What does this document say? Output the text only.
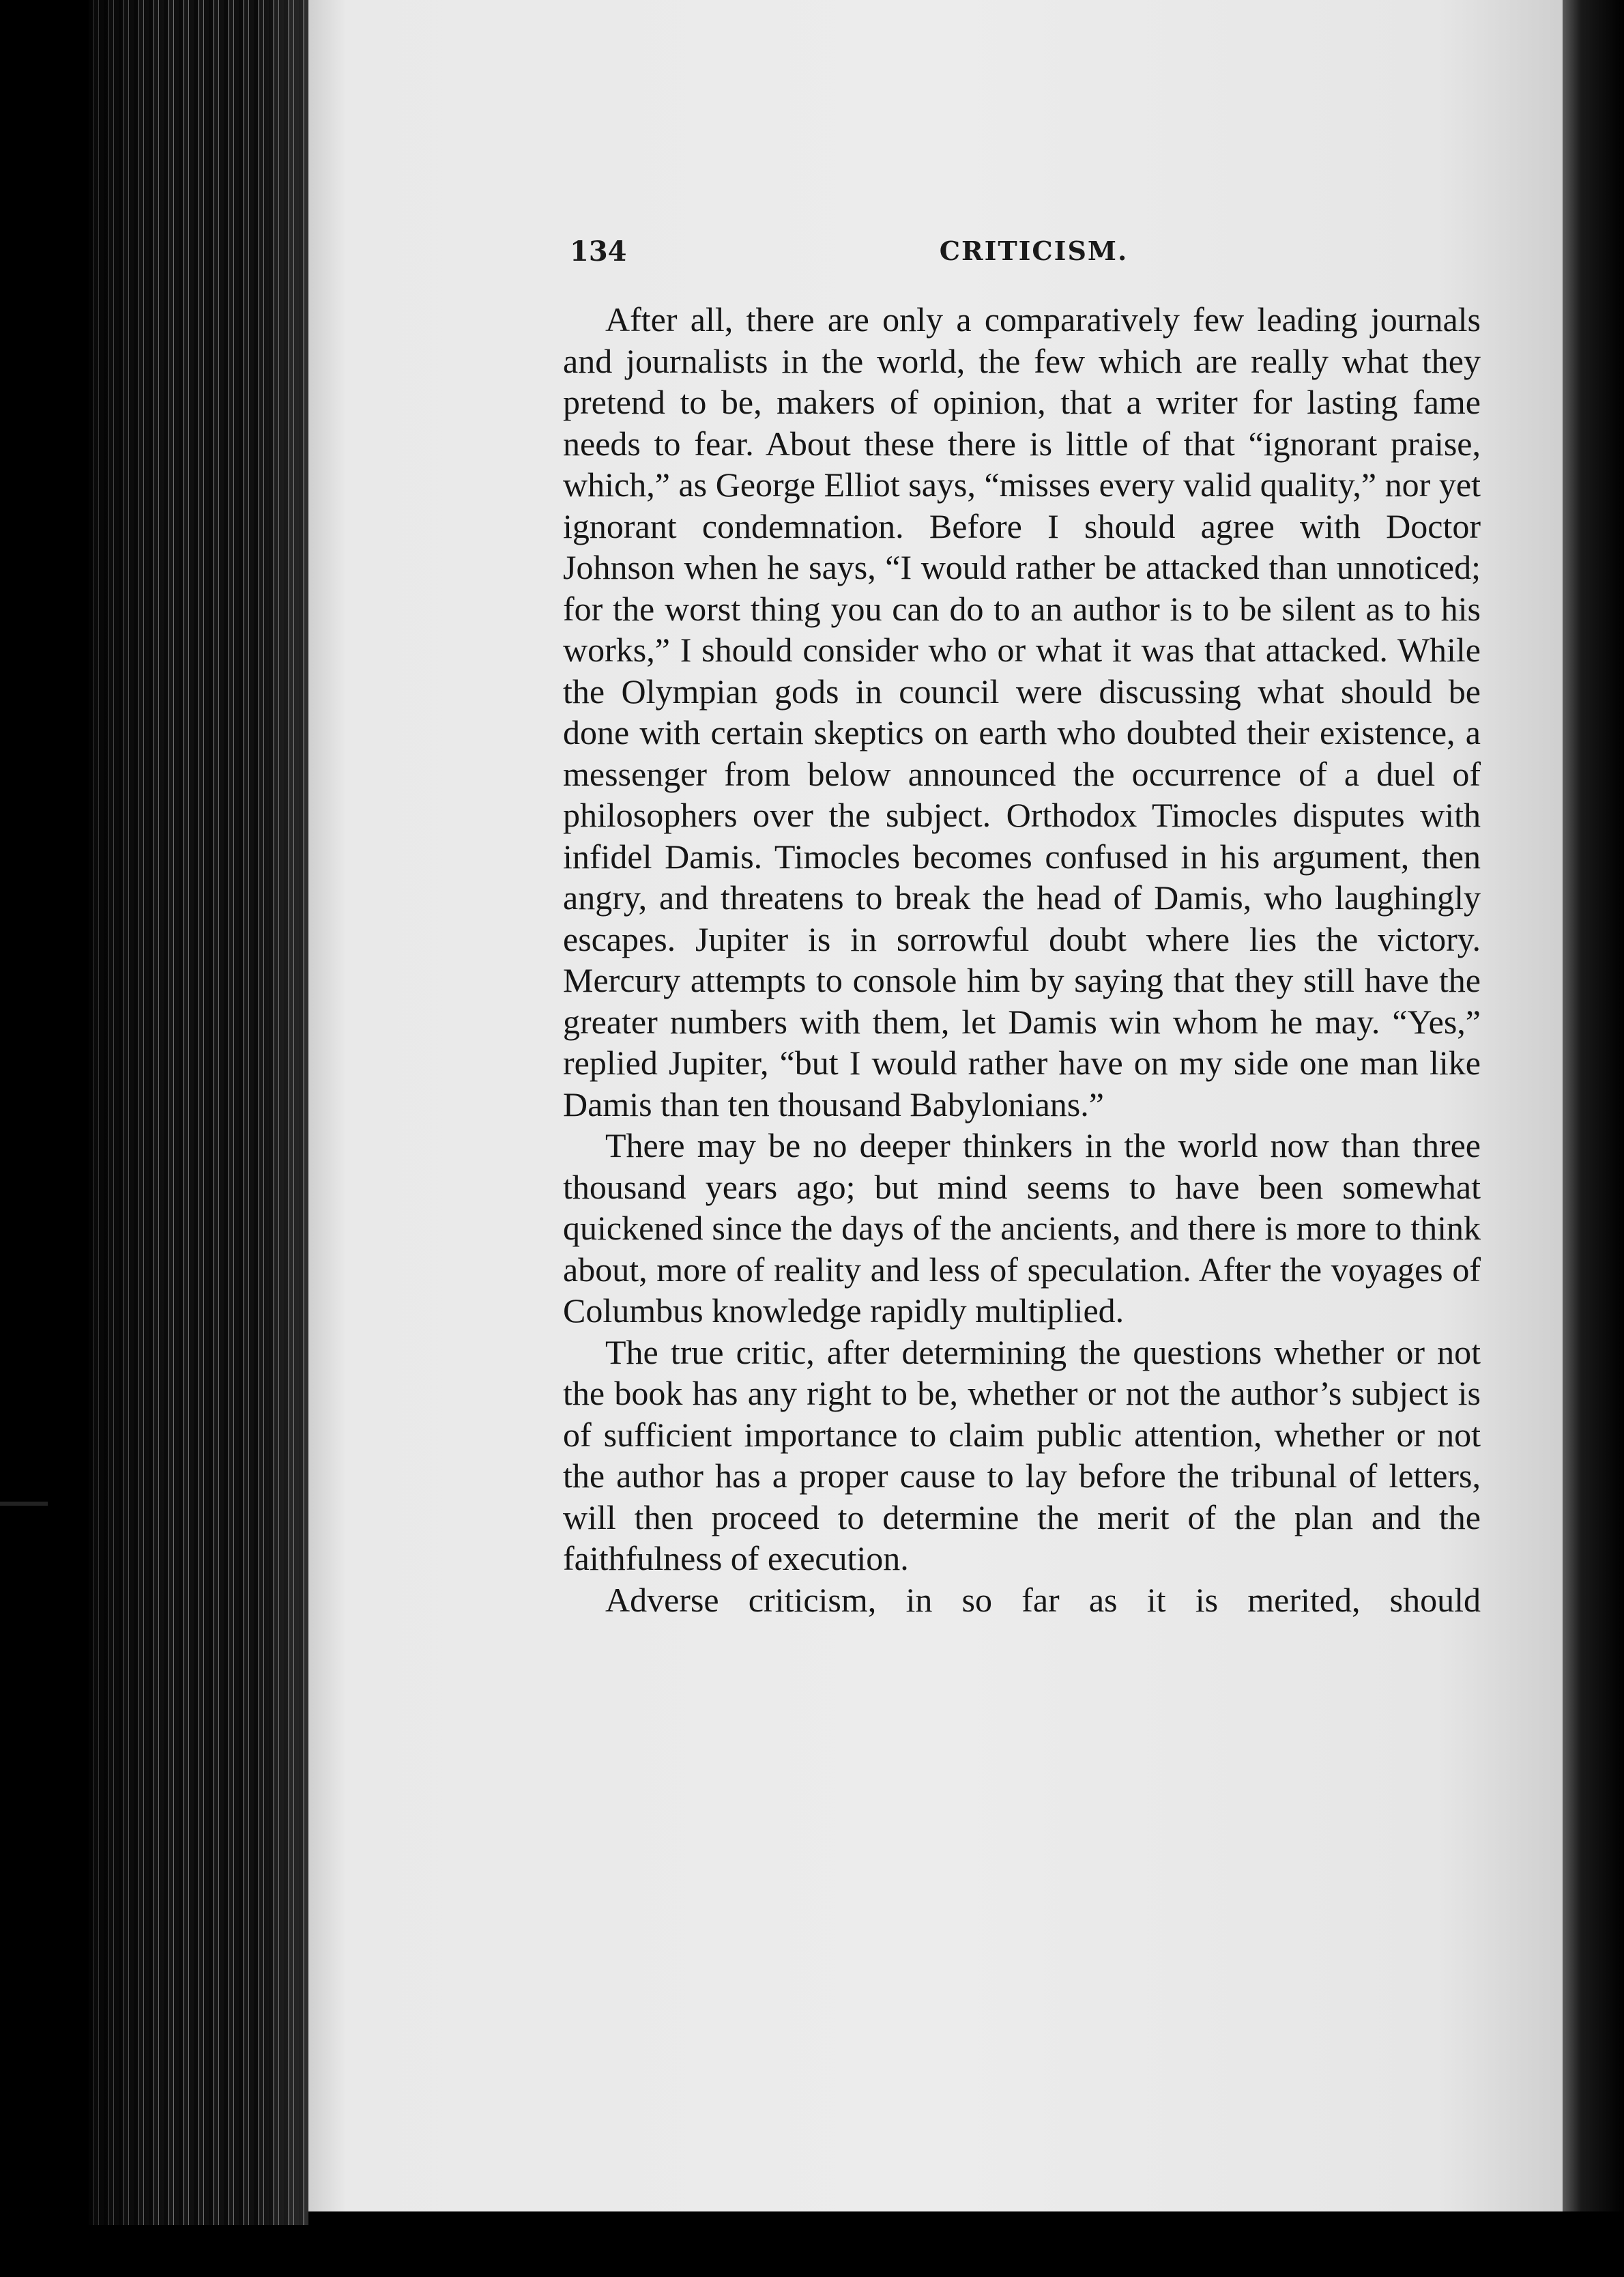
134	CRITICISM.

After all, there are only a comparatively few leading journals and journalists in the world, the few which are really what they pretend to be, makers of opinion, that a writer for lasting fame needs to fear. About these there is little of that “ignorant praise, which,” as George Elliot says, “misses every valid quality,” nor yet ignorant condemnation. Before I should agree with Doctor Johnson when he says, “I would rather be attacked than unnoticed; for the worst thing you can do to an author is to be silent as to his works,” I should consider who or what it was that attacked. While the Olympian gods in council were discussing what should be done with certain skeptics on earth who doubted their existence, a messenger from below announced the occurrence of a duel of philosophers over the subject. Orthodox Timocles disputes with infidel Damis. Timocles becomes confused in his argument, then angry, and threatens to break the head of Damis, who laughingly escapes. Jupiter is in sorrowful doubt where lies the victory. Mercury attempts to console him by saying that they still have the greater numbers with them, let Damis win whom he may. “Yes,” replied Jupiter, “but I would rather have on my side one man like Damis than ten thousand Babylonians.”

There may be no deeper thinkers in the world now than three thousand years ago; but mind seems to have been somewhat quickened since the days of the ancients, and there is more to think about, more of reality and less of speculation. After the voyages of Columbus knowledge rapidly multiplied.

The true critic, after determining the questions whether or not the book has any right to be, whether or not the author’s subject is of sufficient importance to claim public attention, whether or not the author has a proper cause to lay before the tribunal of letters, will then proceed to determine the merit of the plan and the faithfulness of execution.

Adverse criticism, in so far as it is merited, should
